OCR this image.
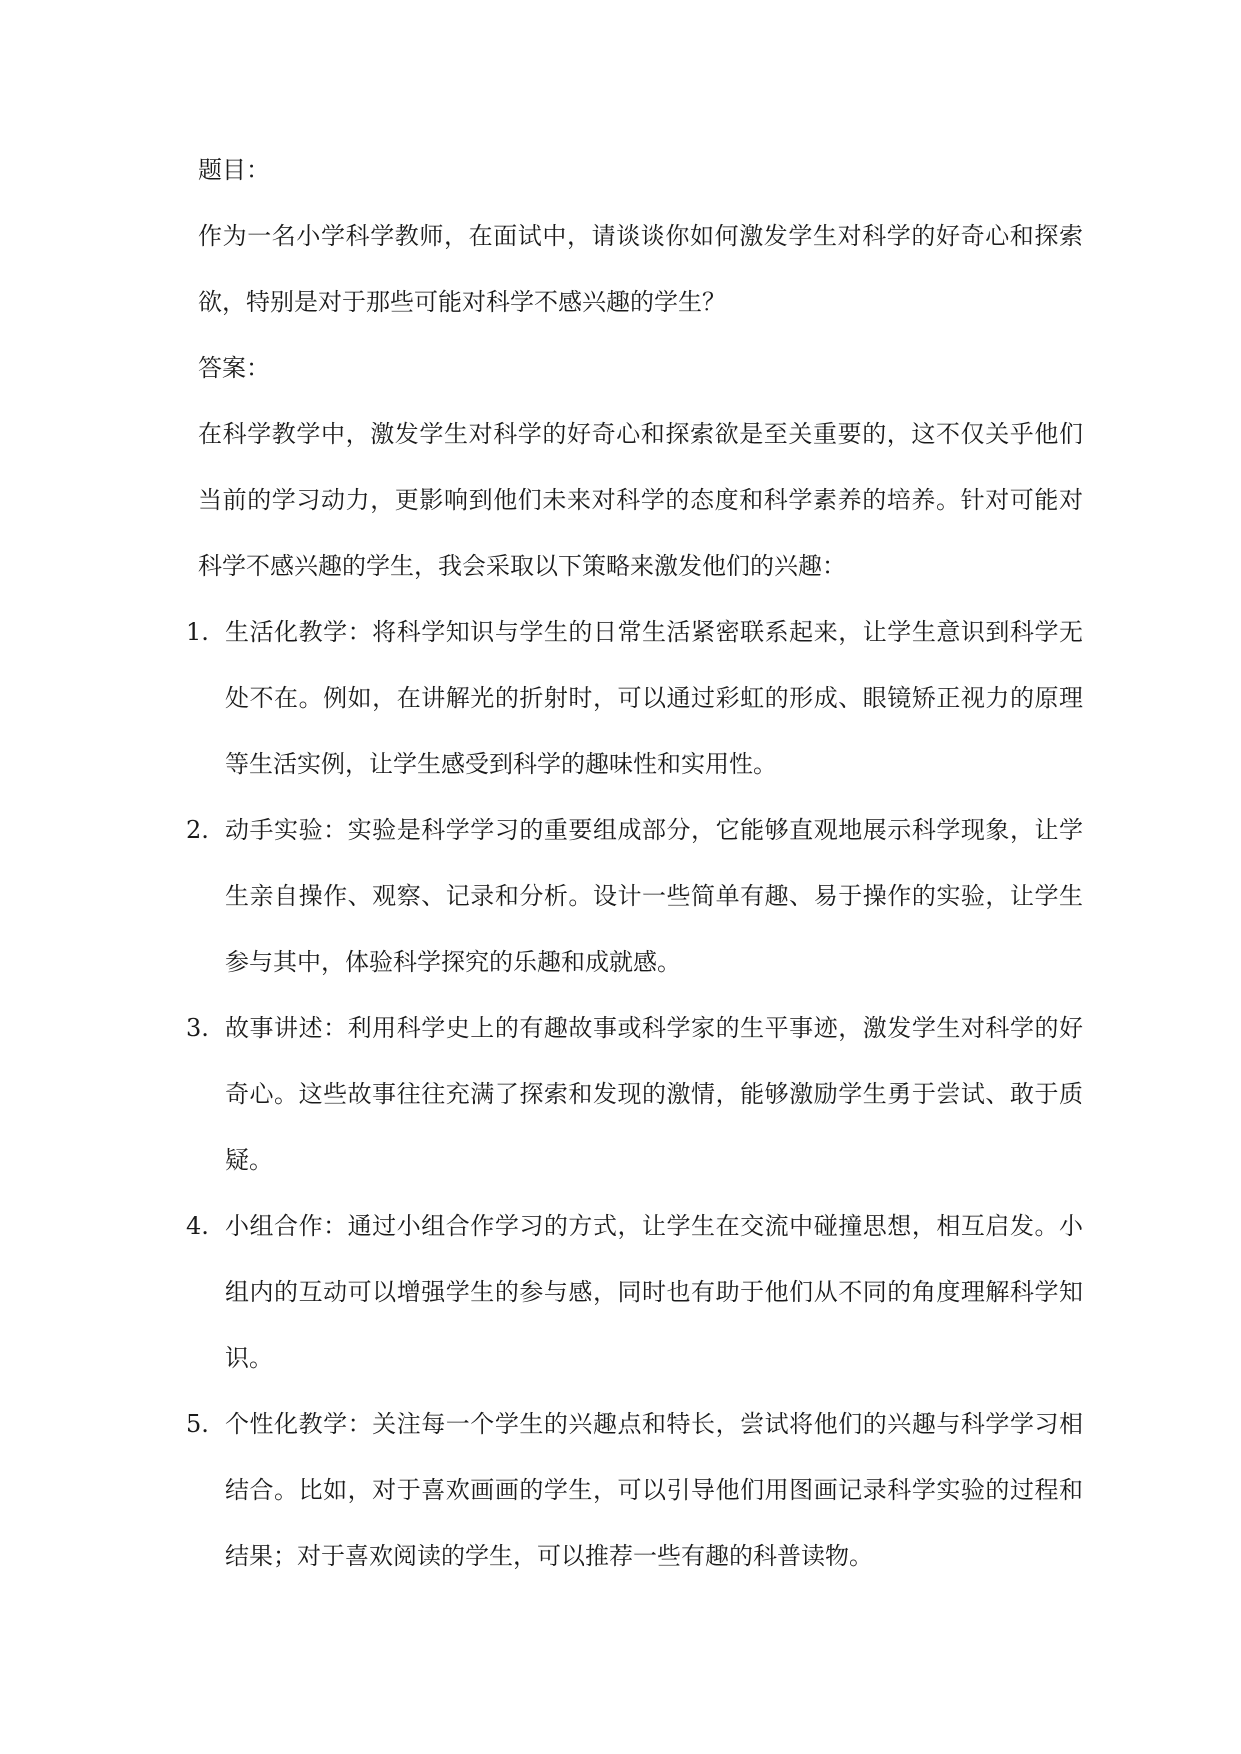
题目：

作为一名小学科学教师，在面试中，请谈谈你如何激发学生对科学的好奇心和探索欲，特别是对于那些可能对科学不感兴趣的学生？

答案：

在科学教学中，激发学生对科学的好奇心和探索欲是至关重要的，这不仅关乎他们当前的学习动力，更影响到他们未来对科学的态度和科学素养的培养。针对可能对科学不感兴趣的学生，我会采取以下策略来激发他们的兴趣：

1. 生活化教学：将科学知识与学生的日常生活紧密联系起来，让学生意识到科学无处不在。例如，在讲解光的折射时，可以通过彩虹的形成、眼镜矫正视力的原理等生活实例，让学生感受到科学的趣味性和实用性。
2. 动手实验：实验是科学学习的重要组成部分，它能够直观地展示科学现象，让学生亲自操作、观察、记录和分析。设计一些简单有趣、易于操作的实验，让学生参与其中，体验科学探究的乐趣和成就感。
3. 故事讲述：利用科学史上的有趣故事或科学家的生平事迹，激发学生对科学的好奇心。这些故事往往充满了探索和发现的激情，能够激励学生勇于尝试、敢于质疑。
4. 小组合作：通过小组合作学习的方式，让学生在交流中碰撞思想，相互启发。小组内的互动可以增强学生的参与感，同时也有助于他们从不同的角度理解科学知识。
5. 个性化教学：关注每一个学生的兴趣点和特长，尝试将他们的兴趣与科学学习相结合。比如，对于喜欢画画的学生，可以引导他们用图画记录科学实验的过程和结果；对于喜欢阅读的学生，可以推荐一些有趣的科普读物。
